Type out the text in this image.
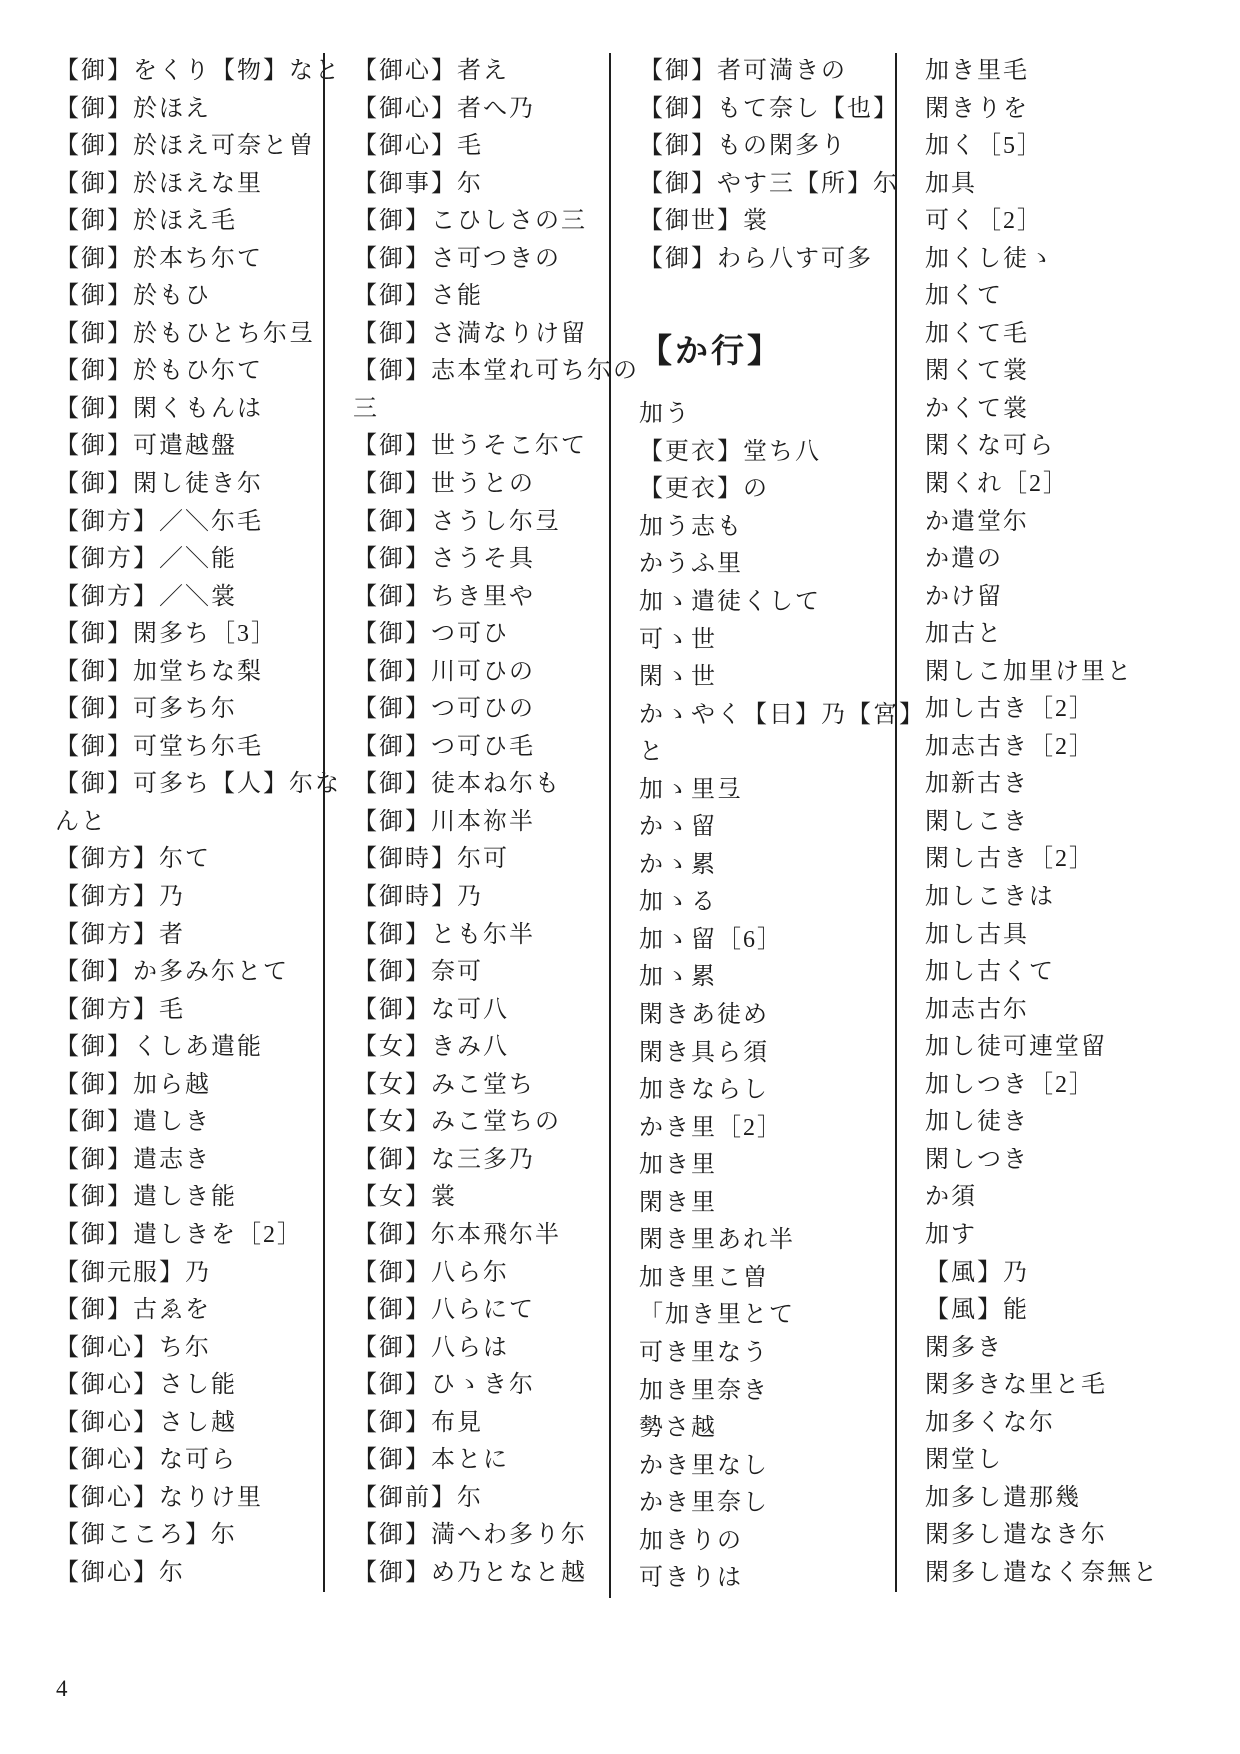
【御】をくり【物】なと
【御】於ほえ
【御】於ほえ可奈と曽
【御】於ほえな里
【御】於ほえ毛
【御】於本ち尓て
【御】於もひ
【御】於もひとち尓弖
【御】於もひ尓て
【御】閑くもんは
【御】可遣越盤
【御】閑し徒き尓
【御方】／＼尓毛
【御方】／＼能
【御方】／＼裳
【御】閑多ち［3］
【御】加堂ちな梨
【御】可多ち尓
【御】可堂ち尓毛
【御】可多ち【人】尓な
んと
【御方】尓て
【御方】乃
【御方】者
【御】か多み尓とて
【御方】毛
【御】くしあ遣能
【御】加ら越
【御】遣しき
【御】遣志き
【御】遣しき能
【御】遣しきを［2］
【御元服】乃
【御】古ゑを
【御心】ち尓
【御心】さし能
【御心】さし越
【御心】な可ら
【御心】なりけ里
【御こころ】尓
【御心】尓
【御心】者え
【御心】者へ乃
【御心】毛
【御事】尓
【御】こひしさの三
【御】さ可つきの
【御】さ能
【御】さ満なりけ留
【御】志本堂れ可ち尓の
三
【御】世うそこ尓て
【御】世うとの
【御】さうし尓弖
【御】さうそ具
【御】ちき里や
【御】つ可ひ
【御】川可ひの
【御】つ可ひの
【御】つ可ひ毛
【御】徒本ね尓も
【御】川本祢半
【御時】尓可
【御時】乃
【御】とも尓半
【御】奈可
【御】な可八
【女】きみ八
【女】みこ堂ち
【女】みこ堂ちの
【御】な三多乃
【女】裳
【御】尓本飛尓半
【御】八ら尓
【御】八らにて
【御】八らは
【御】ひゝき尓
【御】布見
【御】本とに
【御前】尓
【御】満へわ多り尓
【御】め乃となと越
【御】者可満きの
【御】もて奈し【也】
【御】もの閑多り
【御】やす三【所】尓
【御世】裳
【御】わら八す可多
【か行】
加う
【更衣】堂ち八
【更衣】の
加う志も
かうふ里
加ゝ遣徒くして
可ゝ世
閑ゝ世
かゝやく【日】乃【宮】
と
加ゝ里弖
かゝ留
かゝ累
加ゝる
加ゝ留［6］
加ゝ累
閑きあ徒め
閑き具ら須
加きならし
かき里［2］
加き里
閑き里
閑き里あれ半
加き里こ曽
「加き里とて
可き里なう
加き里奈き
勢さ越
かき里なし
かき里奈し
加きりの
可きりは
加き里毛
閑きりを
加く［5］
加具
可く［2］
加くし徒ゝ
加くて
加くて毛
閑くて裳
かくて裳
閑くな可ら
閑くれ［2］
か遣堂尓
か遣の
かけ留
加古と
閑しこ加里け里と
加し古き［2］
加志古き［2］
加新古き
閑しこき
閑し古き［2］
加しこきは
加し古具
加し古くて
加志古尓
加し徒可連堂留
加しつき［2］
加し徒き
閑しつき
か須
加す
【風】乃
【風】能
閑多き
閑多きな里と毛
加多くな尓
閑堂し
加多し遣那幾
閑多し遣なき尓
閑多し遣なく奈無と
4
